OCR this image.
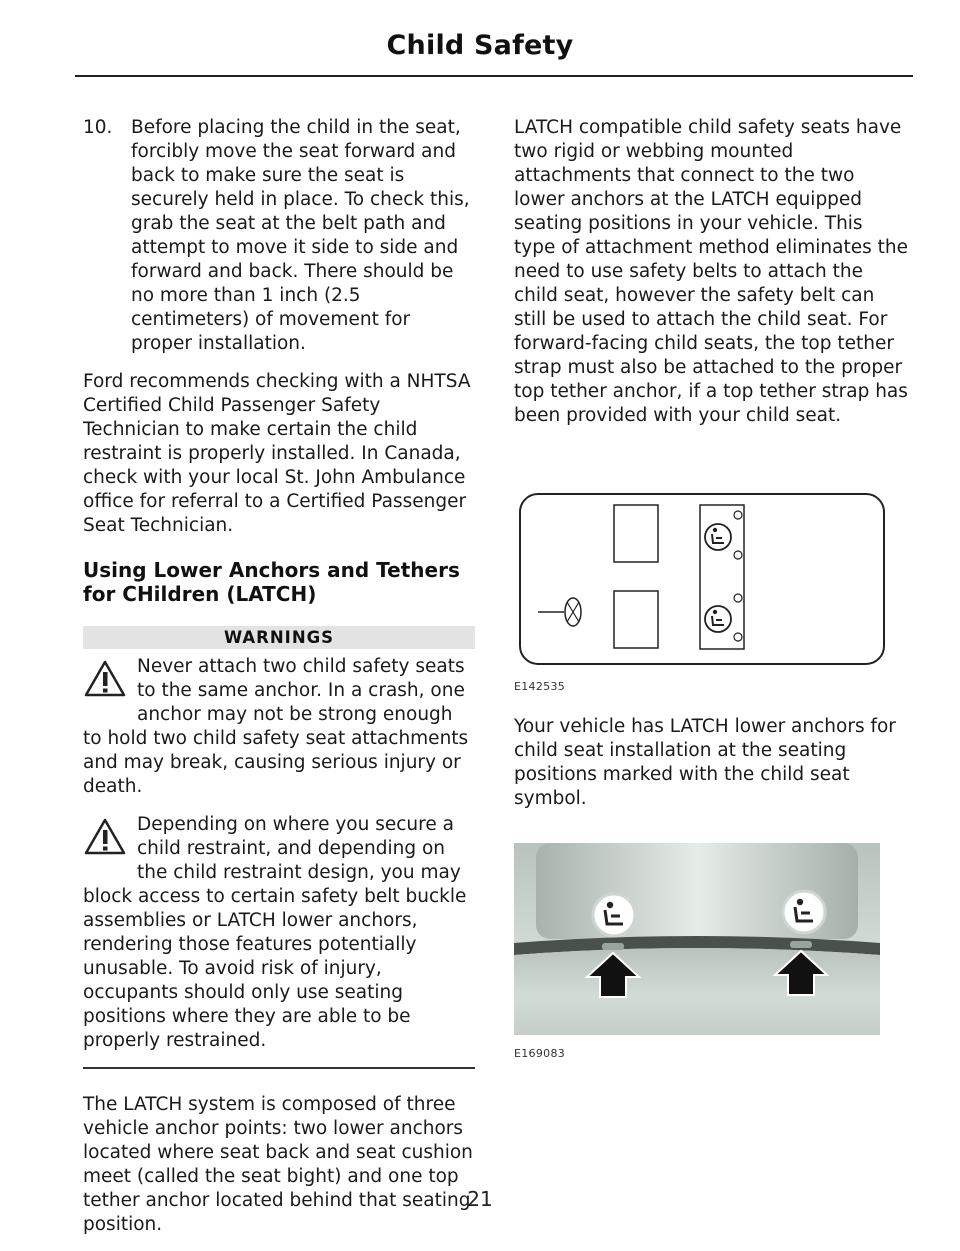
Child Safety
10.	Before placing the child in the seat, forcibly move the seat forward and back to make sure the seat is securely held in place. To check this, grab the seat at the belt path and attempt to move it side to side and forward and back. There should be no more than 1 inch (2.5 centimeters) of movement for proper installation.

Ford recommends checking with a NHTSA Certified Child Passenger Safety Technician to make certain the child restraint is properly installed. In Canada, check with your local St. John Ambulance office for referral to a Certified Passenger Seat Technician.

Using Lower Anchors and Tethers
for CHildren (LATCH)
WARNINGS
Never attach two child safety seats to the same anchor. In a crash, one anchor may not be strong enough to hold two child safety seat attachments and may break, causing serious injury or death.
Depending on where you secure a child restraint, and depending on the child restraint design, you may block access to certain safety belt buckle assemblies or LATCH lower anchors, rendering those features potentially unusable. To avoid risk of injury, occupants should only use seating positions where they are able to be properly restrained.

The LATCH system is composed of three vehicle anchor points: two lower anchors located where seat back and seat cushion meet (called the seat bight) and one top tether anchor located behind that seating position.

LATCH compatible child safety seats have two rigid or webbing mounted attachments that connect to the two lower anchors at the LATCH equipped seating positions in your vehicle. This type of attachment method eliminates the need to use safety belts to attach the child seat, however the safety belt can still be used to attach the child seat. For forward-facing child seats, the top tether strap must also be attached to the proper top tether anchor, if a top tether strap has been provided with your child seat.

E142535

Your vehicle has LATCH lower anchors for child seat installation at the seating positions marked with the child seat symbol.

E169083
21
